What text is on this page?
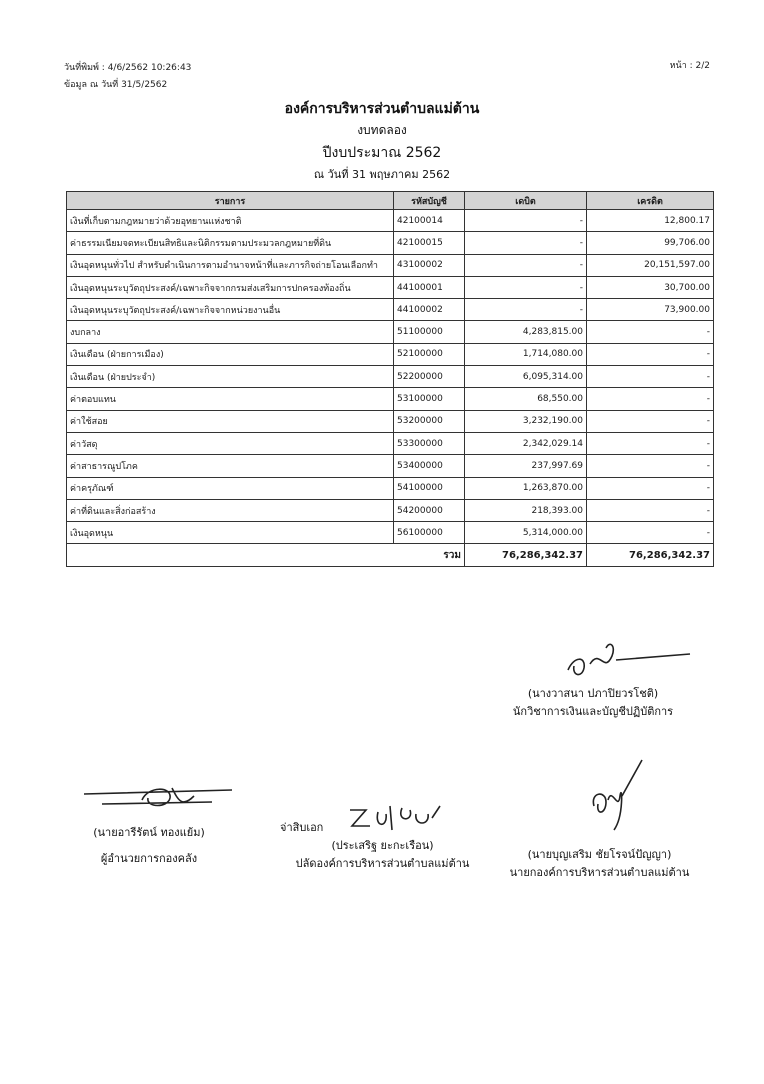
วันที่พิมพ์ : 4/6/2562 10:26:43
ข้อมูล ณ วันที่ 31/5/2562
หน้า : 2/2
องค์การบริหารส่วนตำบลแม่ต้าน
งบทดลอง
ปีงบประมาณ 2562
ณ วันที่ 31 พฤษภาคม 2562
รายการ	รหัสบัญชี	เดบิต	เครดิต
เงินที่เก็บตามกฎหมายว่าด้วยอุทยานแห่งชาติ	42100014	-	12,800.17
ค่าธรรมเนียมจดทะเบียนสิทธิและนิติกรรมตามประมวลกฎหมายที่ดิน	42100015	-	99,706.00
เงินอุดหนุนทั่วไป สำหรับดำเนินการตามอำนาจหน้าที่และภารกิจถ่ายโอนเลือกทำ	43100002	-	20,151,597.00
เงินอุดหนุนระบุวัตถุประสงค์/เฉพาะกิจจากกรมส่งเสริมการปกครองท้องถิ่น	44100001	-	30,700.00
เงินอุดหนุนระบุวัตถุประสงค์/เฉพาะกิจจากหน่วยงานอื่น	44100002	-	73,900.00
งบกลาง	51100000	4,283,815.00	-
เงินเดือน (ฝ่ายการเมือง)	52100000	1,714,080.00	-
เงินเดือน (ฝ่ายประจำ)	52200000	6,095,314.00	-
ค่าตอบแทน	53100000	68,550.00	-
ค่าใช้สอย	53200000	3,232,190.00	-
ค่าวัสดุ	53300000	2,342,029.14	-
ค่าสาธารณูปโภค	53400000	237,997.69	-
ค่าครุภัณฑ์	54100000	1,263,870.00	-
ค่าที่ดินและสิ่งก่อสร้าง	54200000	218,393.00	-
เงินอุดหนุน	56100000	5,314,000.00	-
	รวม	76,286,342.37	76,286,342.37
(นางวาสนา ปภาปิยวรโชติ)
นักวิชาการเงินและบัญชีปฏิบัติการ
(นายอารีรัตน์ ทองแย้ม)
ผู้อำนวยการกองคลัง
จ่าสิบเอก
(ประเสริฐ ยะกะเรือน)
ปลัดองค์การบริหารส่วนตำบลแม่ต้าน
(นายบุญเสริม ชัยโรจน์ปัญญา)
นายกองค์การบริหารส่วนตำบลแม่ต้าน
